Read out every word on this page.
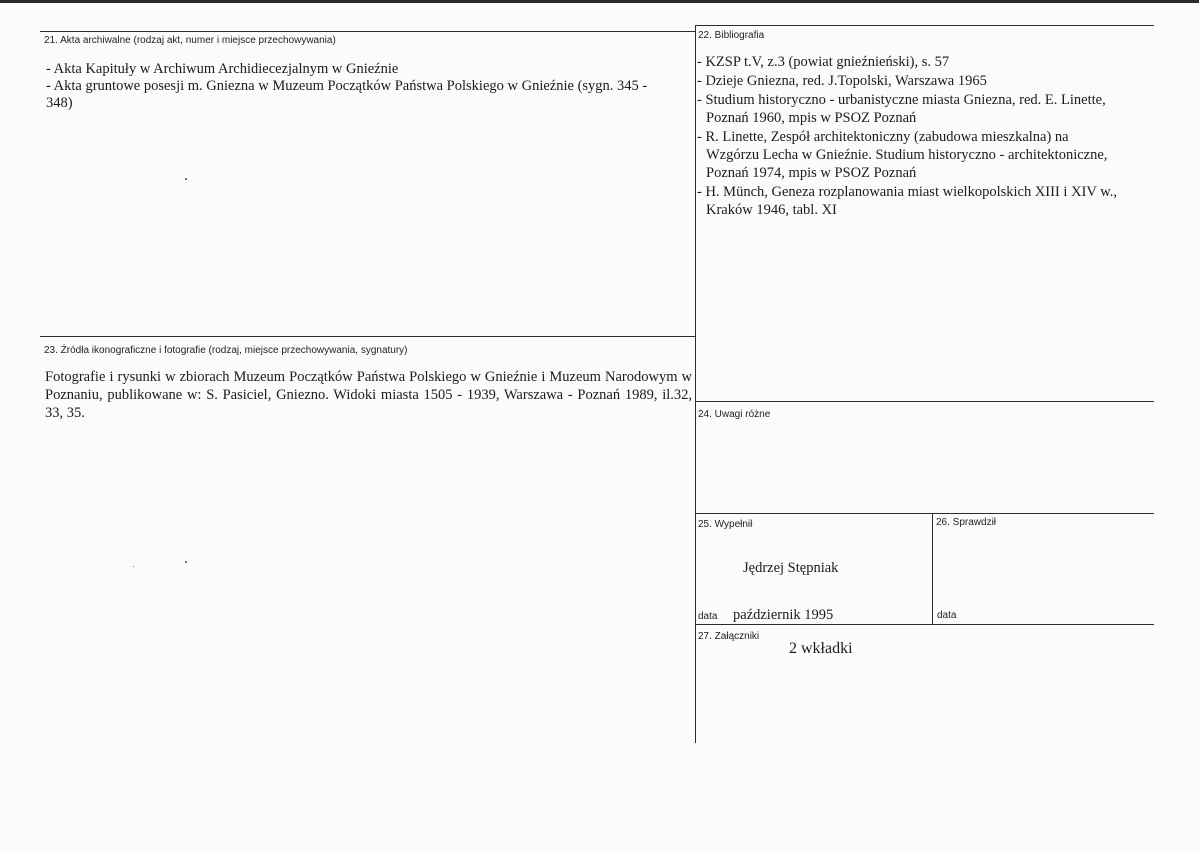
21. Akta archiwalne (rodzaj akt, numer i miejsce przechowywania)
- Akta Kapituły w Archiwum Archidiecezjalnym w Gnieźnie
- Akta gruntowe posesji m. Gniezna w Muzeum Początków Państwa Polskiego w Gnieźnie (sygn. 345 -
348)
22. Bibliografia
- KZSP t.V, z.3 (powiat gnieźnieński), s. 57
- Dzieje Gniezna, red. J.Topolski, Warszawa 1965
- Studium historyczno - urbanistyczne miasta Gniezna, red. E. Linette,
Poznań 1960, mpis w PSOZ Poznań
- R. Linette, Zespół architektoniczny (zabudowa mieszkalna) na
Wzgórzu Lecha w Gnieźnie. Studium historyczno - architektoniczne,
Poznań 1974, mpis w PSOZ Poznań
- H. Münch, Geneza rozplanowania miast wielkopolskich XIII i XIV w.,
Kraków 1946, tabl. XI
23. Źródła ikonograficzne i fotografie (rodzaj, miejsce przechowywania, sygnatury)
Fotografie i rysunki w zbiorach Muzeum Początków Państwa Polskiego w Gnieźnie i Muzeum Narodowym w Poznaniu, publikowane w: S. Pasiciel, Gniezno. Widoki miasta 1505 - 1939, Warszawa - Poznań 1989, il.32, 33, 35.	24. Uwagi różne
25. Wypełnił
Jędrzej Stępniak
data październik 1995
26. Sprawdził
data
27. Załączniki
2 wkładki
